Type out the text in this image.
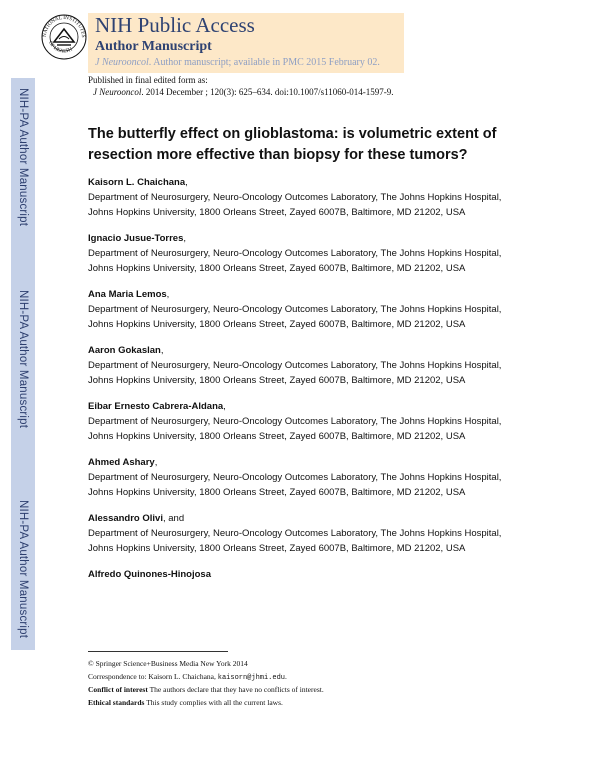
NIH-PA Author Manuscript
NIH-PA Author Manuscript
NIH-PA Author Manuscript
NATIONAL INSTITUTES
OF HEALTH
NIH Public Access
Author Manuscript
J Neurooncol. Author manuscript; available in PMC 2015 February 02.
Published in final edited form as:
J Neurooncol. 2014 December ; 120(3): 625–634. doi:10.1007/s11060-014-1597-9.
The butterfly effect on glioblastoma: is volumetric extent of resection more effective than biopsy for these tumors?
Kaisorn L. Chaichana,
Department of Neurosurgery, Neuro-Oncology Outcomes Laboratory, The Johns Hopkins Hospital, Johns Hopkins University, 1800 Orleans Street, Zayed 6007B, Baltimore, MD 21202, USA
Ignacio Jusue-Torres,
Department of Neurosurgery, Neuro-Oncology Outcomes Laboratory, The Johns Hopkins Hospital, Johns Hopkins University, 1800 Orleans Street, Zayed 6007B, Baltimore, MD 21202, USA
Ana Maria Lemos,
Department of Neurosurgery, Neuro-Oncology Outcomes Laboratory, The Johns Hopkins Hospital, Johns Hopkins University, 1800 Orleans Street, Zayed 6007B, Baltimore, MD 21202, USA
Aaron Gokaslan,
Department of Neurosurgery, Neuro-Oncology Outcomes Laboratory, The Johns Hopkins Hospital, Johns Hopkins University, 1800 Orleans Street, Zayed 6007B, Baltimore, MD 21202, USA
Eibar Ernesto Cabrera-Aldana,
Department of Neurosurgery, Neuro-Oncology Outcomes Laboratory, The Johns Hopkins Hospital, Johns Hopkins University, 1800 Orleans Street, Zayed 6007B, Baltimore, MD 21202, USA
Ahmed Ashary,
Department of Neurosurgery, Neuro-Oncology Outcomes Laboratory, The Johns Hopkins Hospital, Johns Hopkins University, 1800 Orleans Street, Zayed 6007B, Baltimore, MD 21202, USA
Alessandro Olivi, and
Department of Neurosurgery, Neuro-Oncology Outcomes Laboratory, The Johns Hopkins Hospital, Johns Hopkins University, 1800 Orleans Street, Zayed 6007B, Baltimore, MD 21202, USA
Alfredo Quinones-Hinojosa
© Springer Science+Business Media New York 2014
Correspondence to: Kaisorn L. Chaichana, kaisorn@jhmi.edu.
Conflict of interest The authors declare that they have no conflicts of interest.
Ethical standards This study complies with all the current laws.
